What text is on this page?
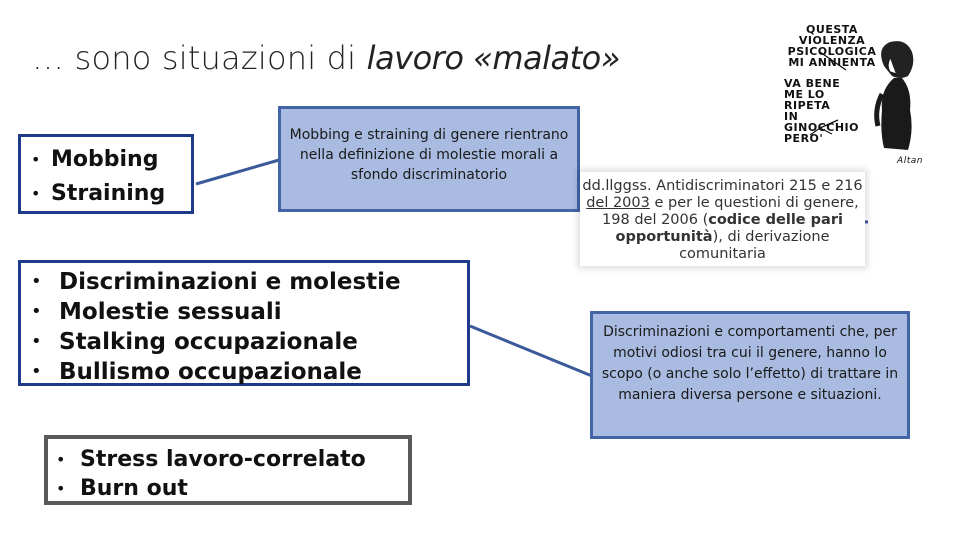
… sono situazioni di lavoro «malato»
• Mobbing
• Straining
Mobbing e straining di genere rientrano nella definizione di molestie morali a sfondo discriminatorio
dd.llggss. Antidiscriminatori 215 e 216
del 2003 e per le questioni di genere,
198 del 2006 (codice delle pari
opportunità), di derivazione
comunitaria
• Discriminazioni e molestie
• Molestie sessuali
• Stalking occupazionale
• Bullismo occupazionale
Discriminazioni e comportamenti che, per motivi odiosi tra cui il genere, hanno lo scopo (o anche solo l’effetto) di trattare in maniera diversa persone e situazioni.
• Stress lavoro-correlato
• Burn out
QUESTA VIOLENZA PSICOLOGICA MI ANNIENTA
VA BENE ME LO RIPETA IN GINOCCHIO PERO'
Altan
